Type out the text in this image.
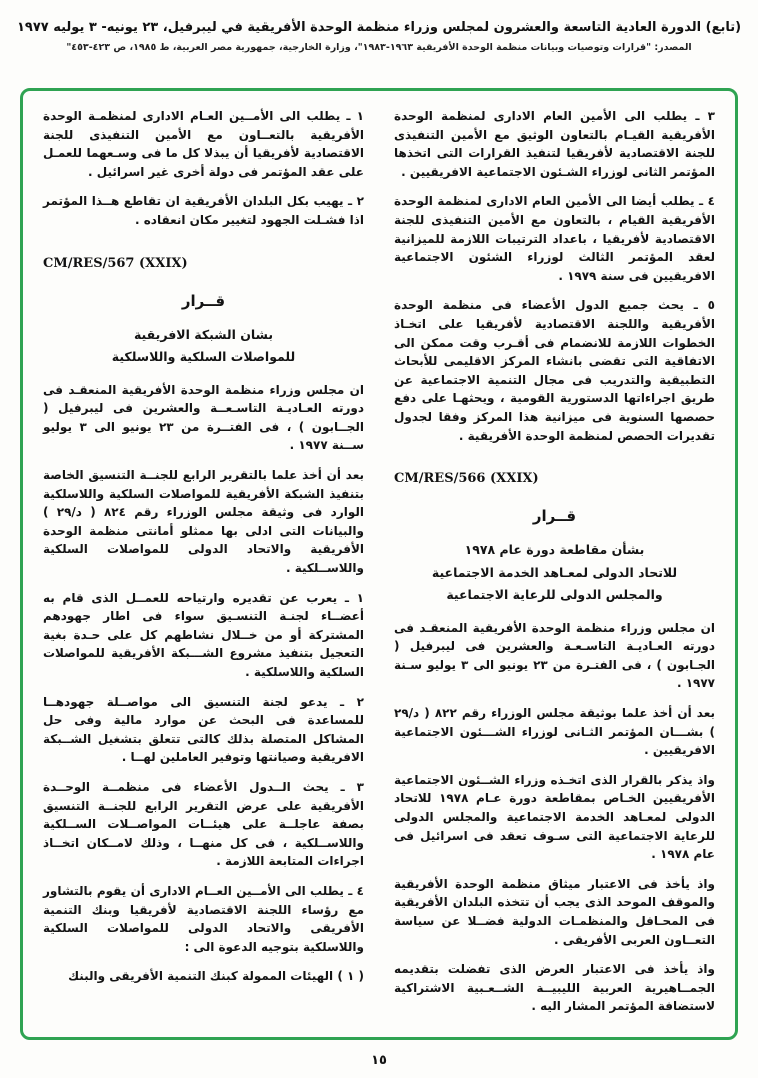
(تابع) الدورة العادية التاسعة والعشرون لمجلس وزراء منظمة الوحدة الأفريقية في ليبرفيل، ٢٣ يونيه- ٣ يوليه ١٩٧٧
المصدر: "قرارات وتوصيات وبيانات منظمة الوحدة الأفريقية ١٩٦٣-١٩٨٣"، وزارة الخارجية، جمهورية مصر العربية، ط ١٩٨٥، ص ٤٢٣-٤٥٣"

٣ ـ يطلب الى الأمين العام الادارى لمنظمة الوحدة الأفريقية القيـام بالتعاون الوثيق مع الأمين التنفيذى للجنة الاقتصادية لأفريقيا لتنفيذ القرارات التى اتخذها المؤتمر الثانى لوزراء الشـئون الاجتماعية الافريقيين .

٤ ـ يطلب أيضا الى الأمين العام الادارى لمنظمة الوحدة الأفريقية القيام ، بالتعاون مع الأمين التنفيذى للجنة الاقتصادية لأفريقيا ، باعداد الترتيبات اللازمة للميزانية لعقد المؤتمر الثالث لوزراء الشئون الاجتماعية الافريقيين فى سنة ١٩٧٩ .

٥ ـ يحث جميع الدول الأعضاء فى منظمة الوحدة الأفريقية واللجنة الاقتصادية لأفريقيا على اتخـاذ الخطوات اللازمة للانضمام فى أقـرب وقت ممكن الى الاتفاقية التى تقضى بانشاء المركز الاقليمى للأبحاث التطبيقية والتدريب فى مجال التنمية الاجتماعية عن طريق اجراءاتها الدستورية القومية ، ويحثهـا على دفع حصصها السنوية فى ميزانية هذا المركز وفقا لجدول تقديرات الحصص لمنظمة الوحدة الأفريقية .

CM/RES/566 (XXIX)
قــرار
بشأن مقاطعة دورة عام ١٩٧٨
للاتحاد الدولى لمعـاهد الخدمة الاجتماعية
والمجلس الدولى للرعاية الاجتماعية

ان مجلس وزراء منظمة الوحدة الأفريقية المنعقـد فى دورته العـاديـة التاسـعـة والعشرين فى ليبرفيل ( الجـابون ) ، فى الفتـرة من ٢٣ يونيو الى ٣ يوليو سـنة ١٩٧٧ .

بعد أن أخذ علما بوثيقة مجلس الوزراء رقم ٨٢٢ ( د/٢٩ ) بشـــان المؤتمر الثـانى لوزراء الشـــئون الاجتماعية الافريقيين .

واذ يذكر بالقرار الذى اتخـذه وزراء الشــئون الاجتماعية الأفريقيين الخـاص بمقاطعة دورة عـام ١٩٧٨ للاتحاد الدولى لمعـاهد الخدمة الاجتماعية والمجلس الدولى للرعاية الاجتماعية التى سـوف تعقد فى اسرائيل فى عام ١٩٧٨ .

واذ يأخذ فى الاعتبار ميثاق منظمة الوحدة الأفريقية والموقف الموحد الذى يجب أن تتخذه البلدان الأفريقية فى المحـافل والمنظمـات الدولية فضــلا عن سياسة التعــاون العربى الأفريقى .

واذ يأخذ فى الاعتبار العرض الذى تفضلت بتقديمه الجمــاهيرية العربية الليبيــة الشــعـبية الاشتراكية لاستضافة المؤتمر المشار اليه .

١ ـ يطلب الى الأمــين العـام الادارى لمنظمـة الوحدة الأفريقية بالتعــاون مع الأمين التنفيذى للجنة الاقتصادية لأفريقيا أن يبذلا كل ما فى وسـعهما للعمـل على عقد المؤتمر فى دولة أخرى غير اسرائيل .

٢ ـ يهيب بكل البلدان الأفريقية ان تقاطع هــذا المؤتمر اذا فشـلت الجهود لتغيير مكان انعقاده .

CM/RES/567 (XXIX)
قــرار
بشان الشبكة الافريقية
للمواصلات السلكية واللاسلكية

ان مجلس وزراء منظمة الوحدة الأفريقية المنعقـد فى دورته العـاديـة التاسـعــة والعشرين فى ليبرفيل ( الجــابون ) ، فى الفتــرة من ٢٣ يونيو الى ٣ يوليو ســنة ١٩٧٧ .

بعد أن أخذ علما بالتقرير الرابع للجنــة التنسيق الخاصة بتنفيذ الشبكة الأفريقية للمواصلات السلكية واللاسلكية الوارد فى وثيقة مجلس الوزراء رقم ٨٢٤ ( د/٢٩ ) والبيانات التى ادلى بها ممثلو أمانتى منظمة الوحدة الأفريقية والاتحاد الدولى للمواصلات السلكية واللاســلكية .

١ ـ يعرب عن تقديره وارتياحه للعمــل الذى قام به أعضــاء لجنـة التنسـيق سواء فى اطار جهودهم المشتركة أو من خــلال نشاطهم كل على حـدة بغية التعجيل بتنفيذ مشروع الشـــبكة الأفريقية للمواصلات السلكية واللاسلكية .

٢ ـ يدعو لجنة التنسيق الى مواصــلة جهودهــا للمساعدة فى البحث عن موارد مالية وفى حل المشاكل المتصلة بذلك كالتى تتعلق بتشغيل الشــبكة الافريقية وصيانتها وتوفير العاملين لهــا .

٣ ـ يحث الــدول الأعضاء فى منظمــة الوحــدة الأفريقية على عرض التقرير الرابع للجنــة التنسيق بصفة عاجلــة على هيئــات المواصــلات الســلكية واللاســلكية ، فى كل منهــا ، وذلك لامــكان اتخــاذ اجراءات المتابعة اللازمة .

٤ ـ يطلب الى الأمــين العــام الادارى أن يقوم بالتشاور مع رؤساء اللجنة الاقتصادية لأفريقيا وبنك التنمية الأفريقى والاتحاد الدولى للمواصلات السلكية واللاسلكية بتوجيه الدعوة الى :

( ١ ) الهيئات الممولة كبنك التنمية الأفريقى والبنك

١٥
